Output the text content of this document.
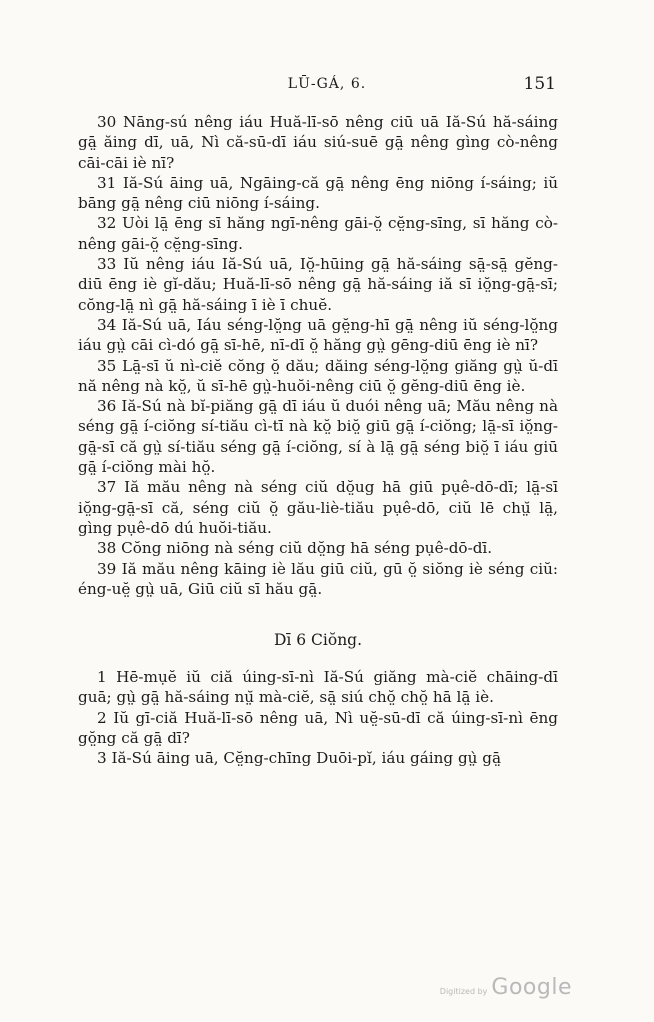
LŪ-GÁ, 6.	151

30 Nāng-sú nêng iáu Huă-lī-sō nêng ciū uā Iă-Sú hă-sáing gā̤ ăing dī, uā, Nì că-sū-dī iáu siú-suē gā̤ nêng gìng cò-nêng cāi-cāi iè nī?

31 Iă-Sú āing uā, Ngāing-că gā̤ nêng ēng niōng í-sáing; iŭ bāng gā̤ nêng ciū niōng í-sáing.

32 Uòi lā̤ ēng sī hăng ngī-nêng gāi-ŏ̤ cĕ̤ng-sīng, sī hăng cò-nêng gāi-ŏ̤ cĕ̤ng-sīng.

33 Iŭ nêng iáu Iă-Sú uā, Iŏ̤-hūing gā̤ hă-sáing sā̤-sā̤ gĕng-diū ēng iè gĭ-dău; Huă-lī-sō nêng gā̤ hă-sáing iă sī iŏ̤ng-gā̤-sī; cŏng-lā̤ nì gā̤ hă-sáing ī iè ī chuĕ.

34 Iă-Sú uā, Iáu séng-lŏ̤ng uā gĕ̤ng-hī gā̤ nêng iŭ séng-lŏ̤ng iáu gṳ̀ cāi cì-dó gā̤ sī-hē, nī-dī ŏ̤ hăng gṳ̀ gēng-diū ēng iè nī?

35 Lā̤-sī ŭ nì-ciĕ cŏng ŏ̤ dău; dăing séng-lŏ̤ng giăng gṳ̀ ŭ-dī nă nêng nà kŏ̤, ŭ sī-hē gṳ̀-huŏi-nêng ciū ŏ̤ gĕng-diū ēng iè.

36 Iă-Sú nà bĭ-piăng gā̤ dī iáu ŭ duói nêng uā; Mău nêng nà séng gā̤ í-ciŏng sí-tiău cì-tī nà kŏ̤ biŏ̤ giū gā̤ í-ciŏng; lā̤-sī iŏ̤ng-gā̤-sī că gṳ̀ sí-tiău séng gā̤ í-ciŏng, sí à lā̤ gā̤ séng biŏ̤ ī iáu giū gā̤ í-ciŏng mài hŏ̤.

37 Iă mău nêng nà séng ciŭ dŏ̤ug hā giū pụê-dō-dī; lā̤-sī iŏ̤ng-gā̤-sī că, séng ciŭ ŏ̤ gău-liè-tiău pụê-dō, ciŭ lē chṳ̆ lā̤, gìng pụê-dō dú huŏi-tiău.

38 Cŏng niōng nà séng ciŭ dŏ̤ng hā séng pụê-dō-dī.

39 Iă mău nêng kāing iè lău giū ciŭ, gū ŏ̤ siŏng iè séng ciŭ: éng-uĕ̤ gṳ̀ uā, Giū ciŭ sī hău gā̤.

Dī 6 Ciŏng.

1 Hē-mụĕ iŭ ciă úing-sī-nì Iă-Sú giăng mà-ciĕ chāing-dī guā; gṳ̀ gā̤ hă-sáing nṳ̆ mà-ciĕ, sā̤ siú chŏ̤ chŏ̤ hā lā̤ iè.

2 Iŭ gī-ciă Huă-lī-sō nêng uā, Nì uĕ̤-sū-dī că úing-sī-nì ēng gŏ̤ng că gā̤ dī?

3 Iă-Sú āing uā, Cĕ̤ng-chīng Duōi-pĭ, iáu gáing gṳ̀ gā̤

Digitized by Google
